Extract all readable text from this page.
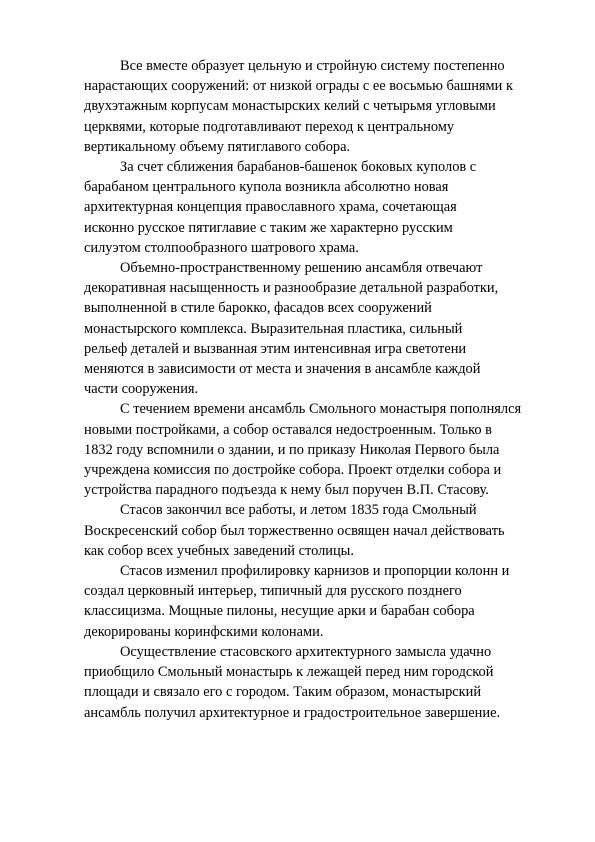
Все вместе образует цельную и стройную систему постепенно
нарастающих сооружений: от низкой ограды с ее восьмью башнями к
двухэтажным корпусам монастырских келий с четырьмя угловыми
церквями, которые подготавливают переход к центральному
вертикальному объему пятиглавого собора.

За счет сближения барабанов-башенок боковых куполов с
барабаном центрального купола возникла абсолютно новая
архитектурная концепция православного храма, сочетающая
исконно русское пятиглавие с таким же характерно русским
силуэтом столпообразного шатрового храма.

Объемно-пространственному решению ансамбля отвечают
декоративная насыщенность и разнообразие детальной разработки,
выполненной в стиле барокко, фасадов всех сооружений
монастырского комплекса. Выразительная пластика, сильный
рельеф деталей и вызванная этим интенсивная игра светотени
меняются в зависимости от места и значения в ансамбле каждой
части сооружения.

С течением времени ансамбль Смольного монастыря пополнялся
новыми постройками, а собор оставался недостроенным. Только в
1832 году вспомнили о здании, и по приказу Николая Первого была
учреждена комиссия по достройке собора. Проект отделки собора и
устройства парадного подъезда к нему был поручен В.П. Стасову.

Стасов закончил все работы, и летом 1835 года Смольный
Воскресенский собор был торжественно освящен начал действовать
как собор всех учебных заведений столицы.

Стасов изменил профилировку карнизов и пропорции колонн и
создал церковный интерьер, типичный для русского позднего
классицизма. Мощные пилоны, несущие арки и барабан собора
декорированы коринфскими колонами.

Осуществление стасовского архитектурного замысла удачно
приобщило Смольный монастырь к лежащей перед ним городской
площади и связало его с городом. Таким образом, монастырский
ансамбль получил архитектурное и градостроительное завершение.
